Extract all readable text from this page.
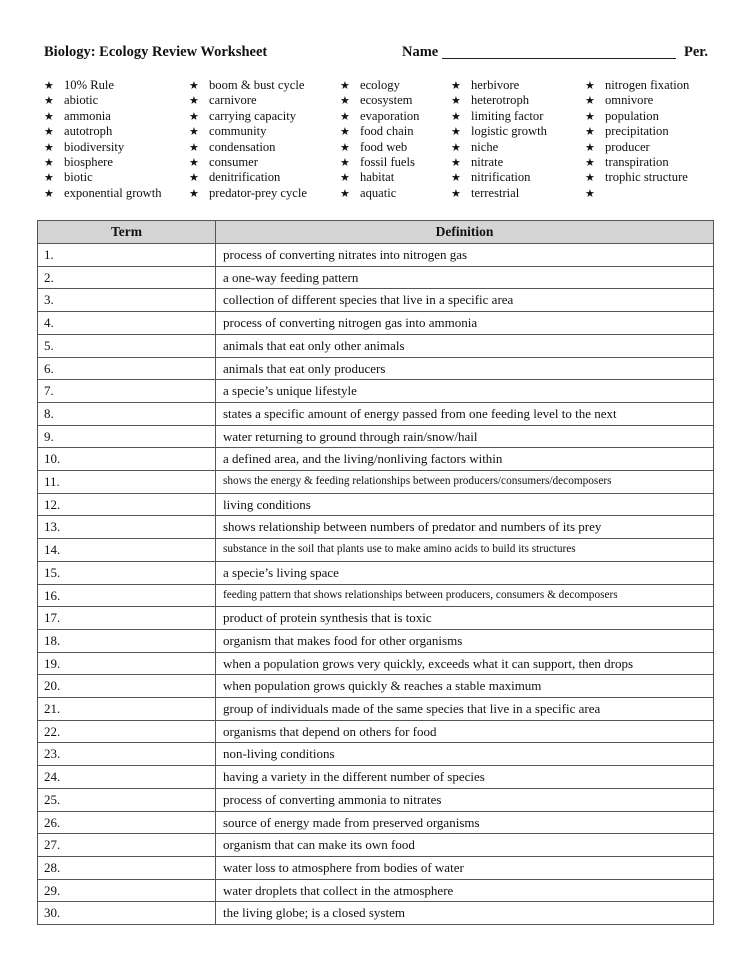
Biology: Ecology Review Worksheet	Name	Per.
★ 10% Rule
★ abiotic
★ ammonia
★ autotroph
★ biodiversity
★ biosphere
★ biotic
★ exponential growth
★ boom & bust cycle
★ carnivore
★ carrying capacity
★ community
★ condensation
★ consumer
★ denitrification
★ predator-prey cycle
★ ecology
★ ecosystem
★ evaporation
★ food chain
★ food web
★ fossil fuels
★ habitat
★ aquatic
★ herbivore
★ heterotroph
★ limiting factor
★ logistic growth
★ niche
★ nitrate
★ nitrification
★ terrestrial
★ nitrogen fixation
★ omnivore
★ population
★ precipitation
★ producer
★ transpiration
★ trophic structure
★
Term	Definition
1.	process of converting nitrates into nitrogen gas
2.	a one-way feeding pattern
3.	collection of different species that live in a specific area
4.	process of converting nitrogen gas into ammonia
5.	animals that eat only other animals
6.	animals that eat only producers
7.	a specie’s unique lifestyle
8.	states a specific amount of energy passed from one feeding level to the next
9.	water returning to ground through rain/snow/hail
10.	a defined area, and the living/nonliving factors within
11.	shows the energy & feeding relationships between producers/consumers/decomposers
12.	living conditions
13.	shows relationship between numbers of predator and numbers of its prey
14.	substance in the soil that plants use to make amino acids to build its structures
15.	a specie’s living space
16.	feeding pattern that shows relationships between producers, consumers & decomposers
17.	product of protein synthesis that is toxic
18.	organism that makes food for other organisms
19.	when a population grows very quickly, exceeds what it can support, then drops
20.	when population grows quickly & reaches a stable maximum
21.	group of individuals made of the same species that live in a specific area
22.	organisms that depend on others for food
23.	non-living conditions
24.	having a variety in the different number of species
25.	process of converting ammonia to nitrates
26.	source of energy made from preserved organisms
27.	organism that can make its own food
28.	water loss to atmosphere from bodies of water
29.	water droplets that collect in the atmosphere
30.	the living globe; is a closed system
